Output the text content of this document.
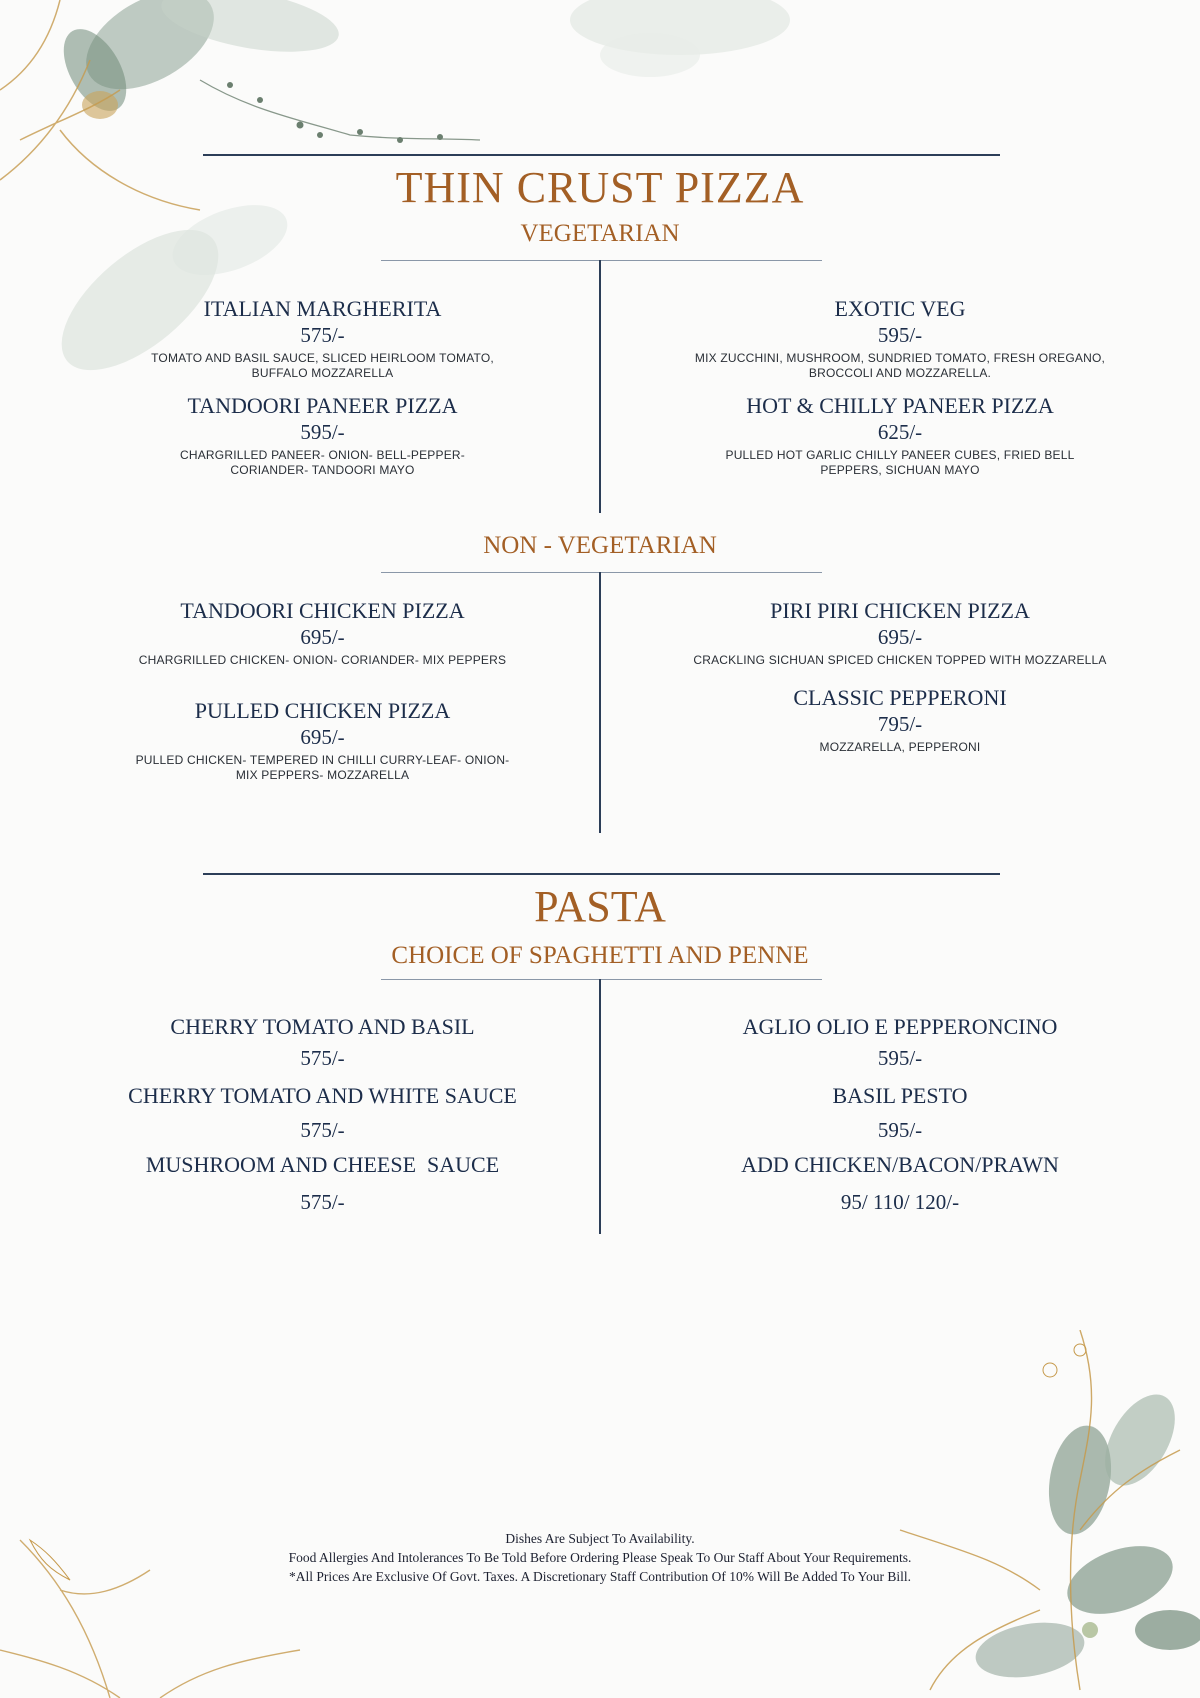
THIN CRUST PIZZA
VEGETARIAN
ITALIAN MARGHERITA
575/-
TOMATO AND BASIL SAUCE, SLICED HEIRLOOM TOMATO,
BUFFALO MOZZARELLA
EXOTIC VEG
595/-
MIX ZUCCHINI, MUSHROOM, SUNDRIED TOMATO, FRESH OREGANO,
BROCCOLI AND MOZZARELLA.
TANDOORI PANEER PIZZA
595/-
CHARGRILLED PANEER- ONION- BELL-PEPPER-
CORIANDER- TANDOORI MAYO
HOT & CHILLY PANEER PIZZA
625/-
PULLED HOT GARLIC CHILLY PANEER CUBES, FRIED BELL
PEPPERS, SICHUAN MAYO
NON - VEGETARIAN
TANDOORI CHICKEN PIZZA
695/-
CHARGRILLED CHICKEN- ONION- CORIANDER- MIX PEPPERS
PIRI PIRI CHICKEN PIZZA
695/-
CRACKLING SICHUAN SPICED CHICKEN TOPPED WITH MOZZARELLA
PULLED CHICKEN PIZZA
695/-
PULLED CHICKEN- TEMPERED IN CHILLI CURRY-LEAF- ONION-
MIX PEPPERS- MOZZARELLA
CLASSIC PEPPERONI
795/-
MOZZARELLA, PEPPERONI
PASTA
CHOICE OF SPAGHETTI AND PENNE
CHERRY TOMATO AND BASIL
575/-
AGLIO OLIO E PEPPERONCINO
595/-
CHERRY TOMATO AND WHITE SAUCE
575/-
BASIL PESTO
595/-
MUSHROOM AND CHEESE  SAUCE
575/-
ADD CHICKEN/BACON/PRAWN
95/ 110/ 120/-
Dishes Are Subject To Availability.
Food Allergies And Intolerances To Be Told Before Ordering Please Speak To Our Staff About Your Requirements.
*All Prices Are Exclusive Of Govt. Taxes. A Discretionary Staff Contribution Of 10% Will Be Added To Your Bill.
